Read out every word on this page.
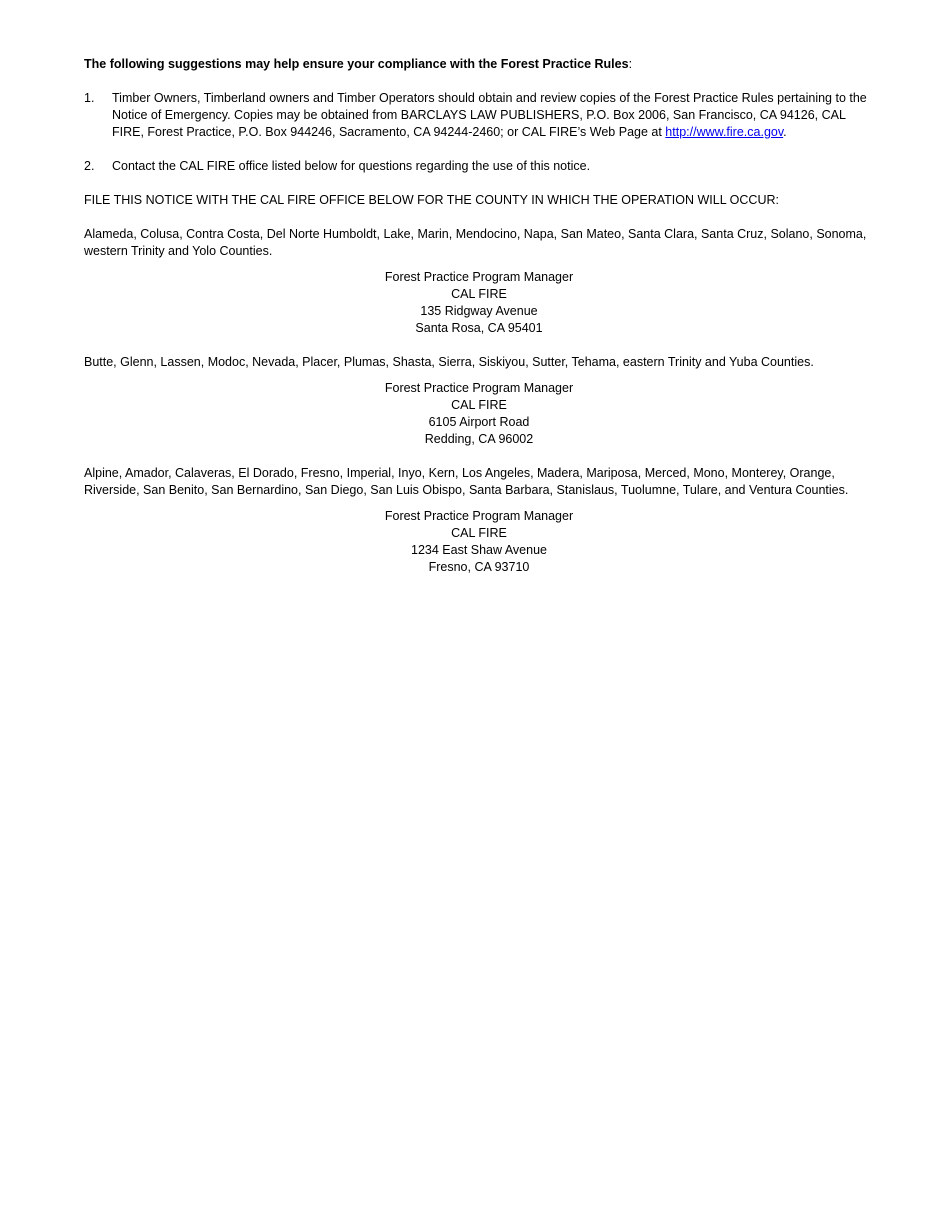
The following suggestions may help ensure your compliance with the Forest Practice Rules:
1.	Timber Owners, Timberland owners and Timber Operators should obtain and review copies of the Forest Practice Rules pertaining to the Notice of Emergency. Copies may be obtained from BARCLAYS LAW PUBLISHERS, P.O. Box 2006, San Francisco, CA 94126, CAL FIRE, Forest Practice, P.O. Box 944246, Sacramento, CA 94244-2460; or CAL FIRE’s Web Page at http://www.fire.ca.gov.
2.	Contact the CAL FIRE office listed below for questions regarding the use of this notice.

FILE THIS NOTICE WITH THE CAL FIRE OFFICE BELOW FOR THE COUNTY IN WHICH THE OPERATION WILL OCCUR:

Alameda, Colusa, Contra Costa, Del Norte Humboldt, Lake, Marin, Mendocino, Napa, San Mateo, Santa Clara, Santa Cruz, Solano, Sonoma, western Trinity and Yolo Counties.

Forest Practice Program Manager
CAL FIRE
135 Ridgway Avenue
Santa Rosa, CA 95401

Butte, Glenn, Lassen, Modoc, Nevada, Placer, Plumas, Shasta, Sierra, Siskiyou, Sutter, Tehama, eastern Trinity and Yuba Counties.

Forest Practice Program Manager
CAL FIRE
6105 Airport Road
Redding, CA 96002

Alpine, Amador, Calaveras, El Dorado, Fresno, Imperial, Inyo, Kern, Los Angeles, Madera, Mariposa, Merced, Mono, Monterey, Orange, Riverside, San Benito, San Bernardino, San Diego, San Luis Obispo, Santa Barbara, Stanislaus, Tuolumne, Tulare, and Ventura Counties.

Forest Practice Program Manager
CAL FIRE
1234 East Shaw Avenue
Fresno, CA 93710
